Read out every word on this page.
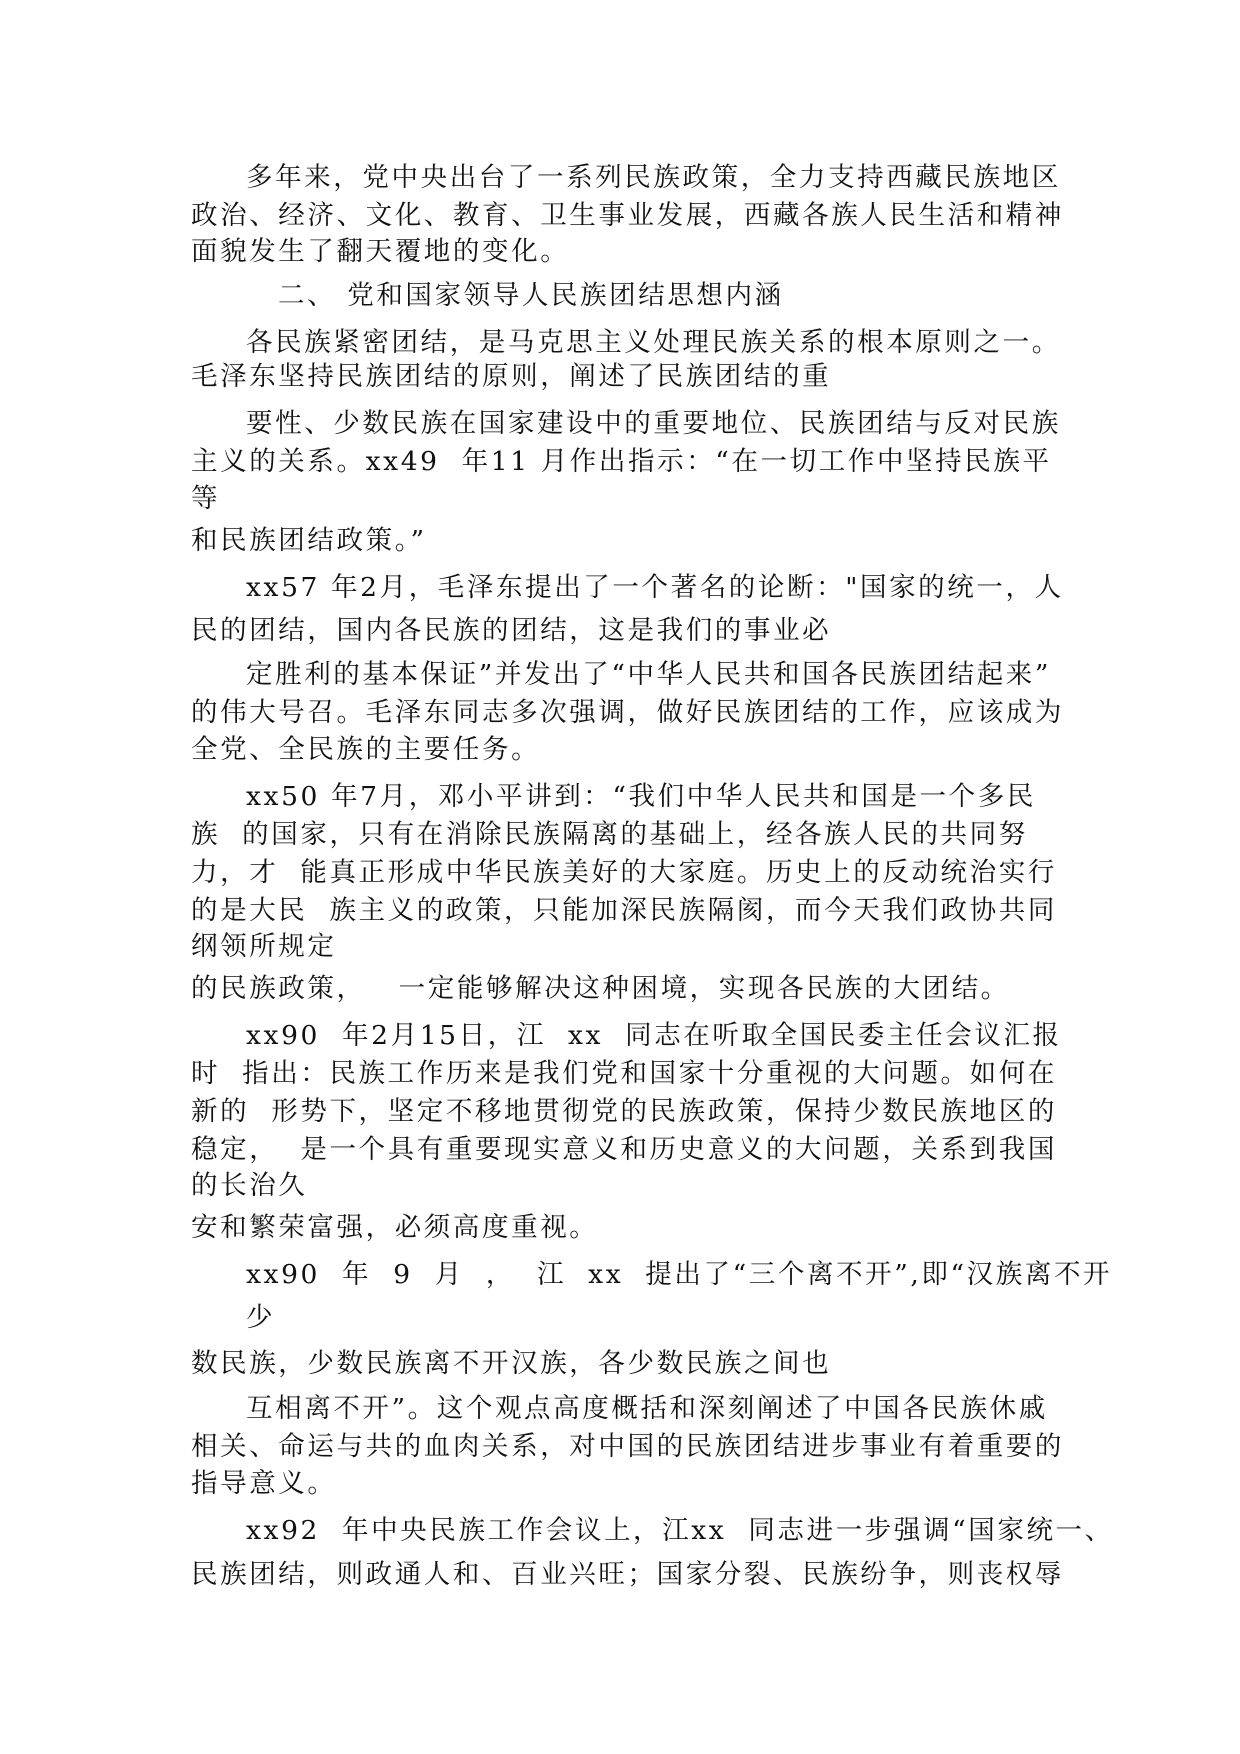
多年来，党中央出台了一系列民族政策，全力支持西藏民族地区
政治、经济、文化、教育、卫生事业发展，西藏各族人民生活和精神
面貌发生了翻天覆地的变化。
二、 党和国家领导人民族团结思想内涵
各民族紧密团结，是马克思主义处理民族关系的根本原则之一。
毛泽东坚持民族团结的原则，阐述了民族团结的重
要性、少数民族在国家建设中的重要地位、民族团结与反对民族
主义的关系。xx49  年11 月作出指示：“在一切工作中坚持民族平
等
和民族团结政策。”
xx57 年2月，毛泽东提出了一个著名的论断："国家的统一，人
民的团结，国内各民族的团结，这是我们的事业必
定胜利的基本保证”并发出了“中华人民共和国各民族团结起来”
的伟大号召。毛泽东同志多次强调，做好民族团结的工作，应该成为
全党、全民族的主要任务。
xx50 年7月，邓小平讲到：“我们中华人民共和国是一个多民
族  的国家，只有在消除民族隔离的基础上，经各族人民的共同努
力，才  能真正形成中华民族美好的大家庭。历史上的反动统治实行
的是大民  族主义的政策，只能加深民族隔阂，而今天我们政协共同
纲领所规定
的民族政策，   一定能够解决这种困境，实现各民族的大团结。
xx90  年2月15日，江  xx  同志在听取全国民委主任会议汇报
时  指出：民族工作历来是我们党和国家十分重视的大问题。如何在
新的  形势下，坚定不移地贯彻党的民族政策，保持少数民族地区的
稳定，  是一个具有重要现实意义和历史意义的大问题，关系到我国
的长治久
安和繁荣富强，必须高度重视。
xx90  年  9  月  ，  江  xx  提出了“三个离不开”,即“汉族离不开
少
数民族，少数民族离不开汉族，各少数民族之间也
互相离不开”。这个观点高度概括和深刻阐述了中国各民族休戚
相关、命运与共的血肉关系，对中国的民族团结进步事业有着重要的
指导意义。
xx92  年中央民族工作会议上，江xx  同志进一步强调“国家统一、
民族团结，则政通人和、百业兴旺；国家分裂、民族纷争，则丧权辱
